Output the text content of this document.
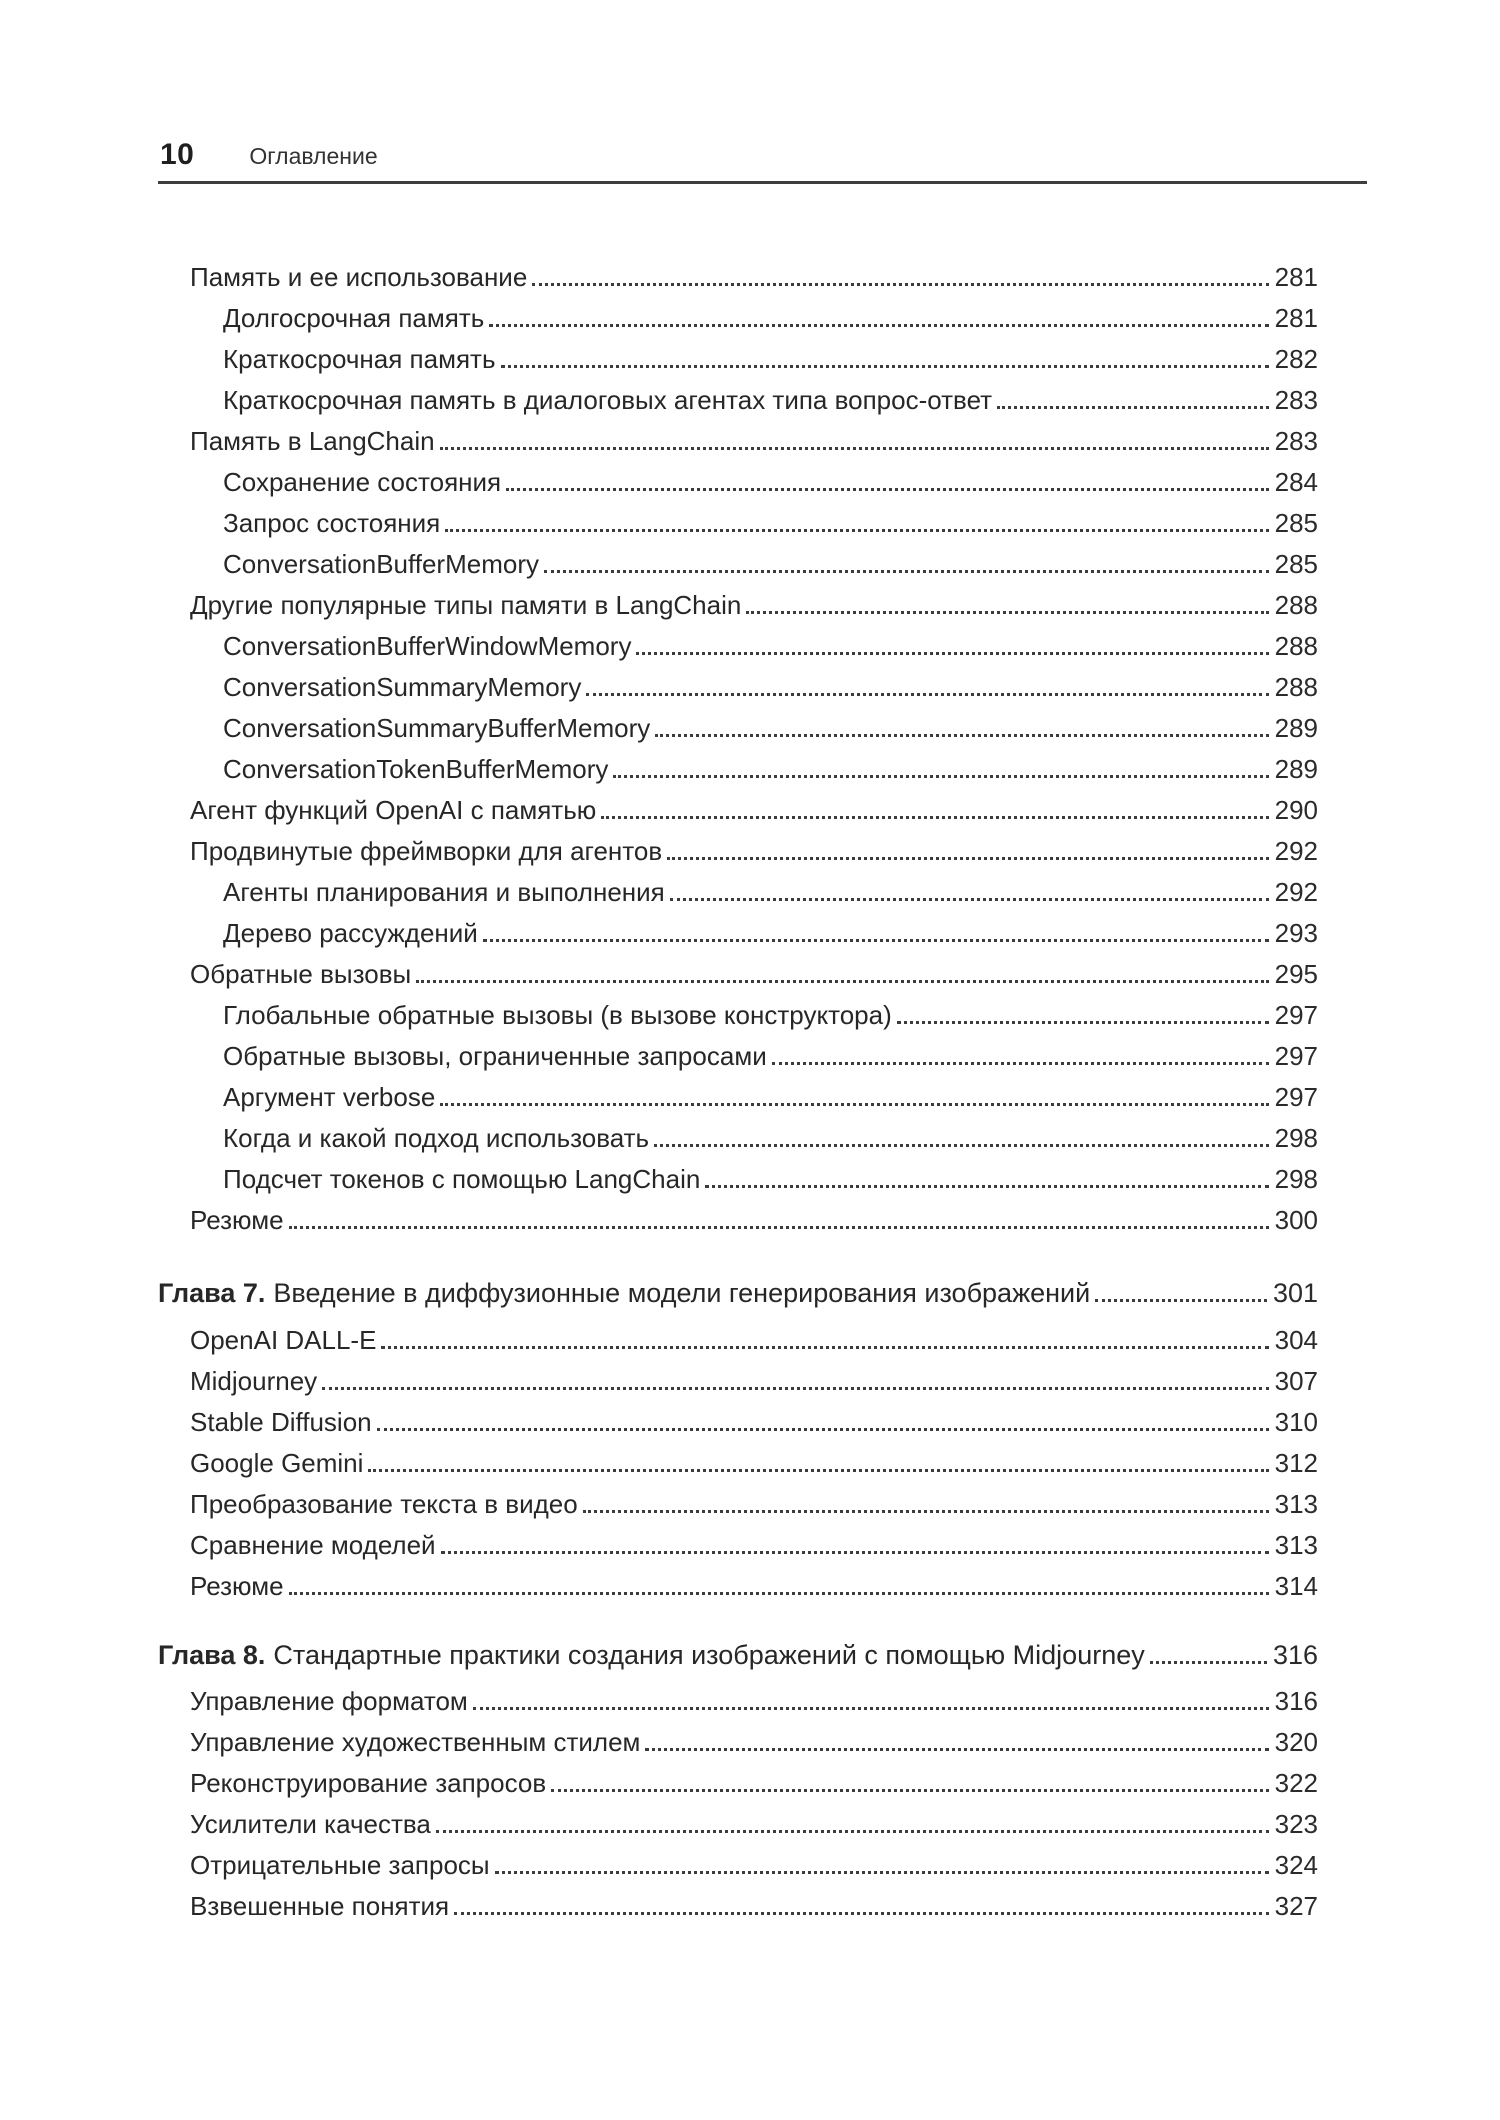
10 Оглавление
Память и ее использование	281
Долгосрочная память	281
Краткосрочная память	282
Краткосрочная память в диалоговых агентах типа вопрос-ответ	283
Память в LangChain	283
Сохранение состояния	284
Запрос состояния	285
ConversationBufferMemory	285
Другие популярные типы памяти в LangChain	288
ConversationBufferWindowMemory	288
ConversationSummaryMemory	288
ConversationSummaryBufferMemory	289
ConversationTokenBufferMemory	289
Агент функций OpenAI с памятью	290
Продвинутые фреймворки для агентов	292
Агенты планирования и выполнения	292
Дерево рассуждений	293
Обратные вызовы	295
Глобальные обратные вызовы (в вызове конструктора)	297
Обратные вызовы, ограниченные запросами	297
Аргумент verbose	297
Когда и какой подход использовать	298
Подсчет токенов с помощью LangChain	298
Резюме	300
Глава 7. Введение в диффузионные модели генерирования изображений	301
OpenAI DALL-E	304
Midjourney	307
Stable Diffusion	310
Google Gemini	312
Преобразование текста в видео	313
Сравнение моделей	313
Резюме	314
Глава 8. Стандартные практики создания изображений с помощью Midjourney	316
Управление форматом	316
Управление художественным стилем	320
Реконструирование запросов	322
Усилители качества	323
Отрицательные запросы	324
Взвешенные понятия	327
